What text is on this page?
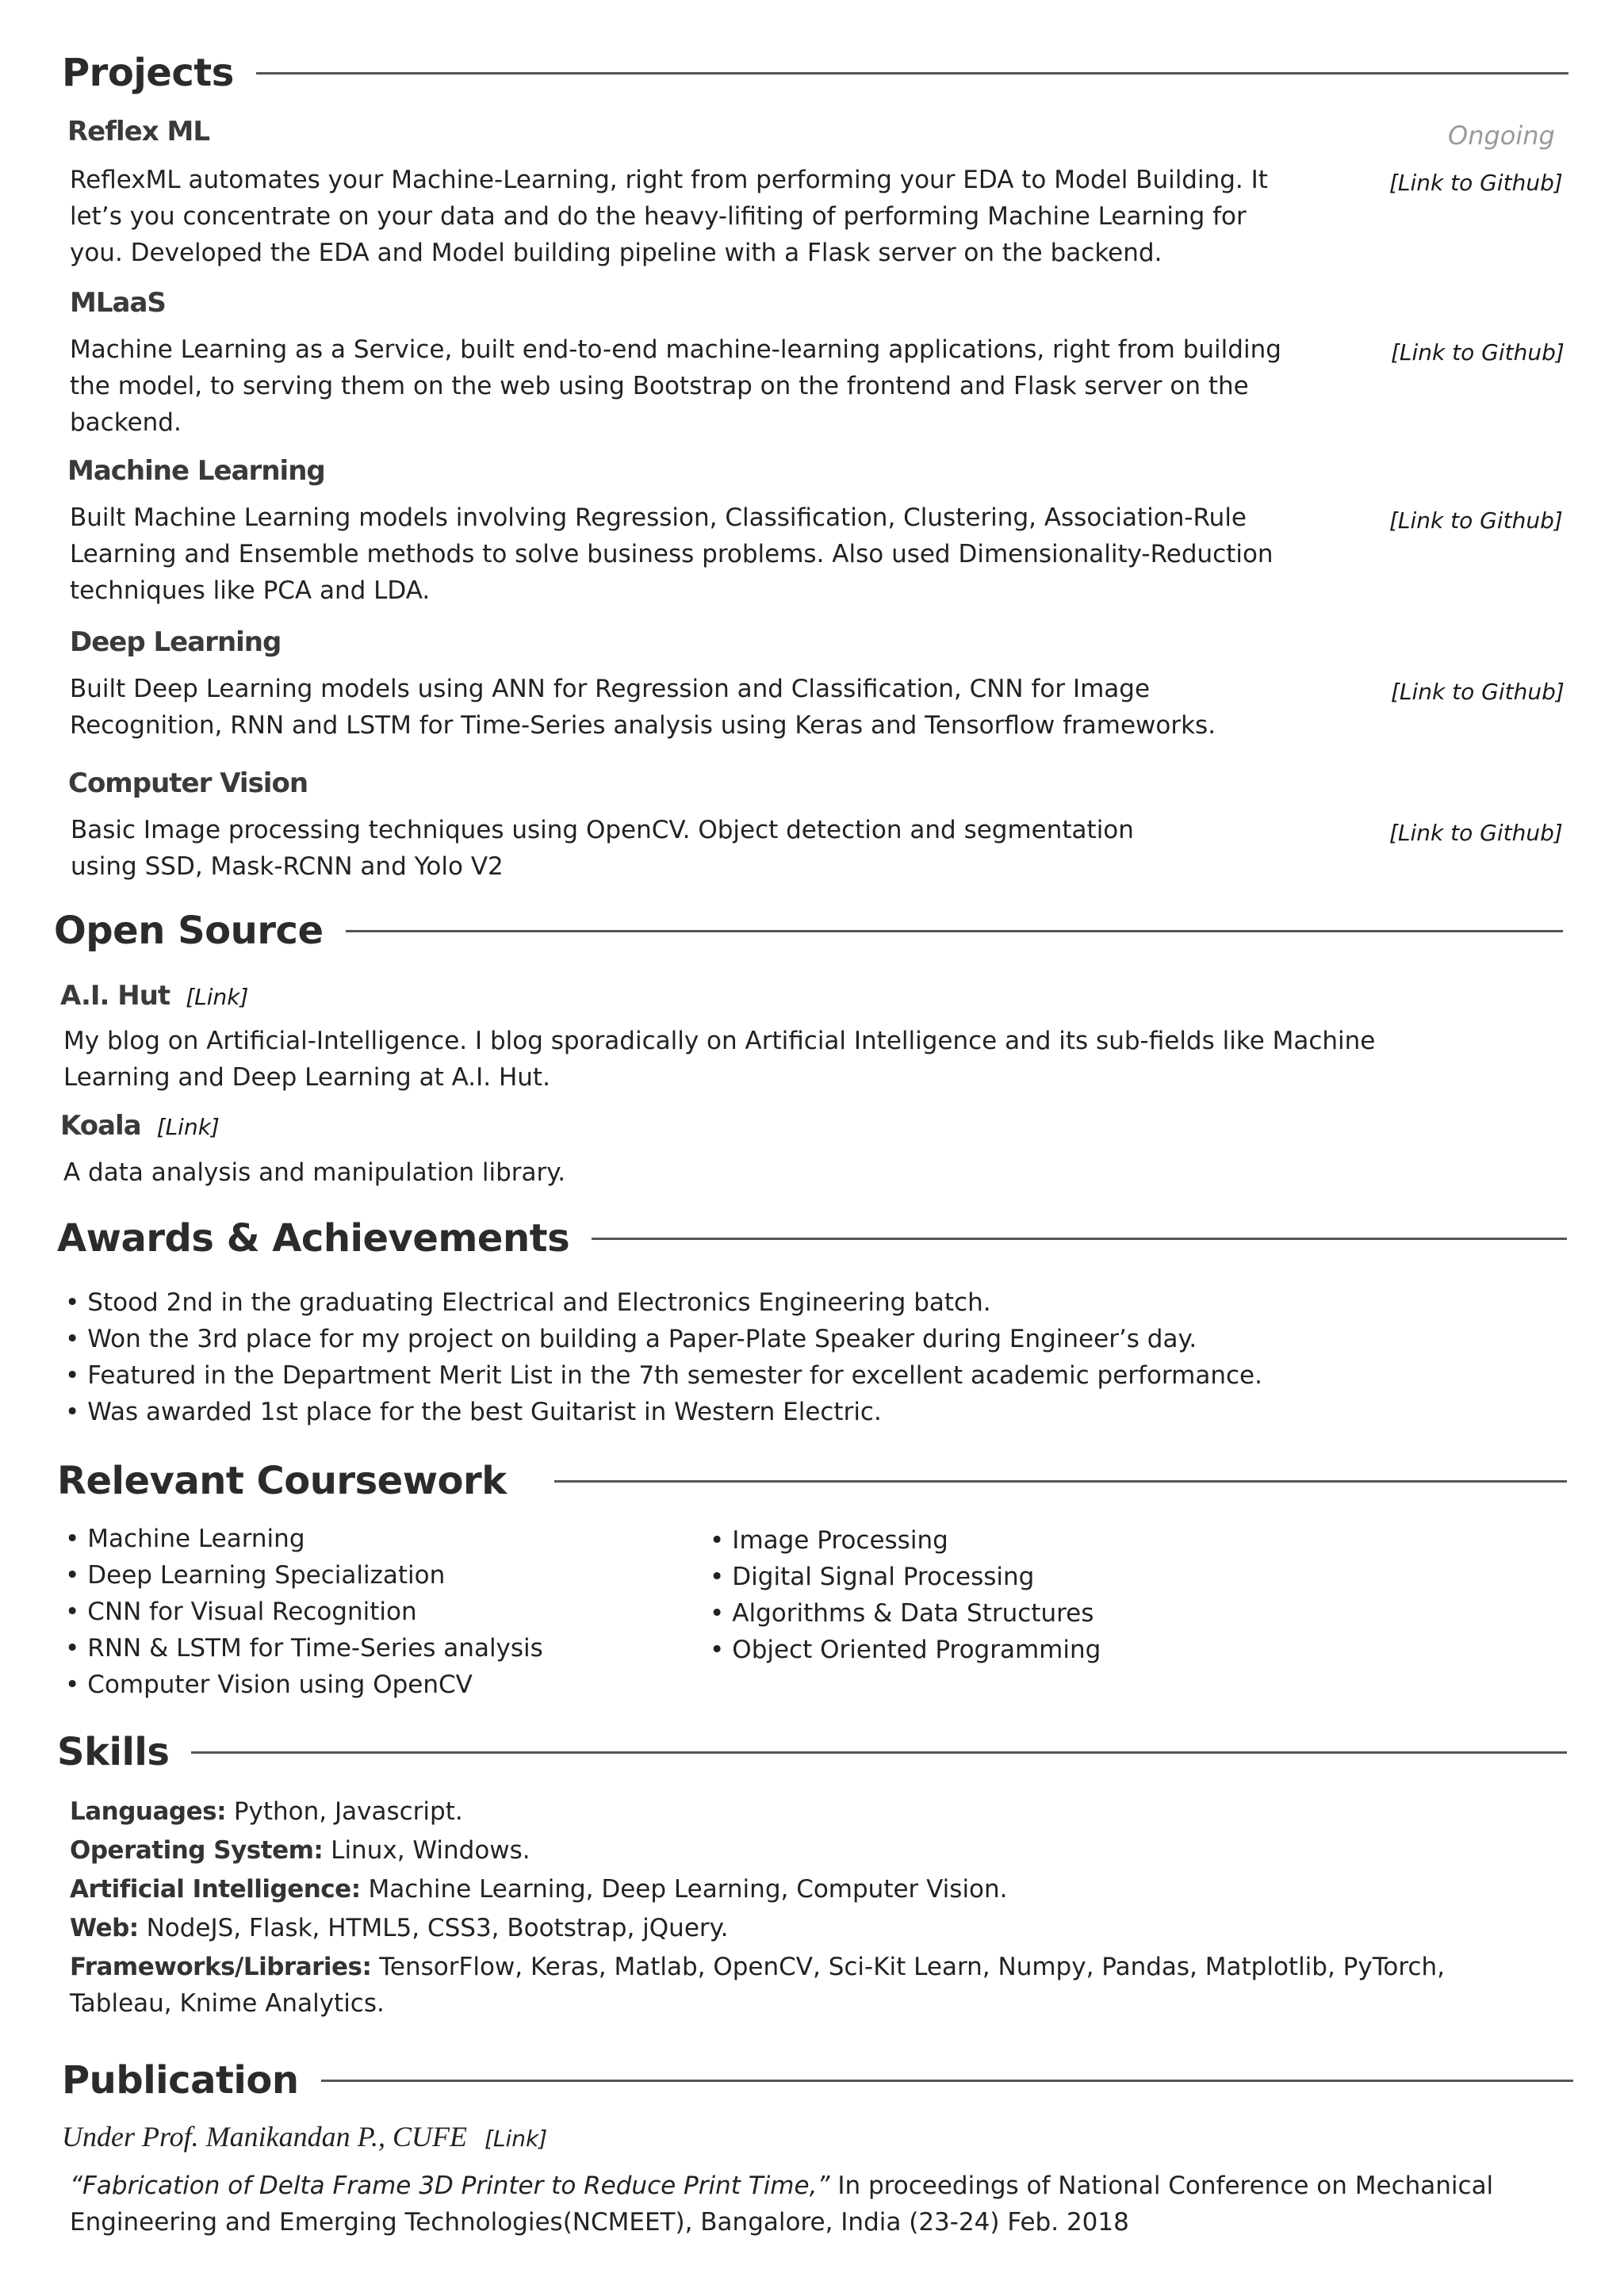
Projects
Reflex ML	Ongoing

ReflexML automates your Machine-Learning, right from performing your EDA to Model Building. It let’s you concentrate on your data and do the heavy-lifiting of performing Machine Learning for you. Developed the EDA and Model building pipeline with a Flask server on the backend.

[Link to Github]
MLaaS

Machine Learning as a Service, built end-to-end machine-learning applications, right from building the model, to serving them on the web using Bootstrap on the frontend and Flask server on the backend.

[Link to Github]
Machine Learning

Built Machine Learning models involving Regression, Classification, Clustering, Association-Rule Learning and Ensemble methods to solve business problems. Also used Dimensionality-Reduction techniques like PCA and LDA.

[Link to Github]
Deep Learning

Built Deep Learning models using ANN for Regression and Classification, CNN for Image Recognition, RNN and LSTM for Time-Series analysis using Keras and Tensorflow frameworks.

[Link to Github]
Computer Vision

Basic Image processing techniques using OpenCV. Object detection and segmentation using SSD, Mask-RCNN and Yolo V2

[Link to Github]
Open Source
A.I. Hut [Link]

My blog on Artificial-Intelligence. I blog sporadically on Artificial Intelligence and its sub-fields like Machine Learning and Deep Learning at A.I. Hut.

Koala [Link]

A data analysis and manipulation library.

Awards & Achievements
• Stood 2nd in the graduating Electrical and Electronics Engineering batch.
• Won the 3rd place for my project on building a Paper-Plate Speaker during Engineer’s day.
• Featured in the Department Merit List in the 7th semester for excellent academic performance.
• Was awarded 1st place for the best Guitarist in Western Electric.
Relevant Coursework
• Machine Learning
• Deep Learning Specialization
• CNN for Visual Recognition
• RNN & LSTM for Time-Series analysis
• Computer Vision using OpenCV
• Image Processing
• Digital Signal Processing
• Algorithms & Data Structures
• Object Oriented Programming
Skills

Languages: Python, Javascript.

Operating System: Linux, Windows.

Artificial Intelligence: Machine Learning, Deep Learning, Computer Vision.

Web: NodeJS, Flask, HTML5, CSS3, Bootstrap, jQuery.

Frameworks/Libraries: TensorFlow, Keras, Matlab, OpenCV, Sci-Kit Learn, Numpy, Pandas, Matplotlib, PyTorch, Tableau, Knime Analytics.

Publication
Under Prof. Manikandan P., CUFE [Link]

“Fabrication of Delta Frame 3D Printer to Reduce Print Time,” In proceedings of National Conference on Mechanical Engineering and Emerging Technologies(NCMEET), Bangalore, India (23-24) Feb. 2018
